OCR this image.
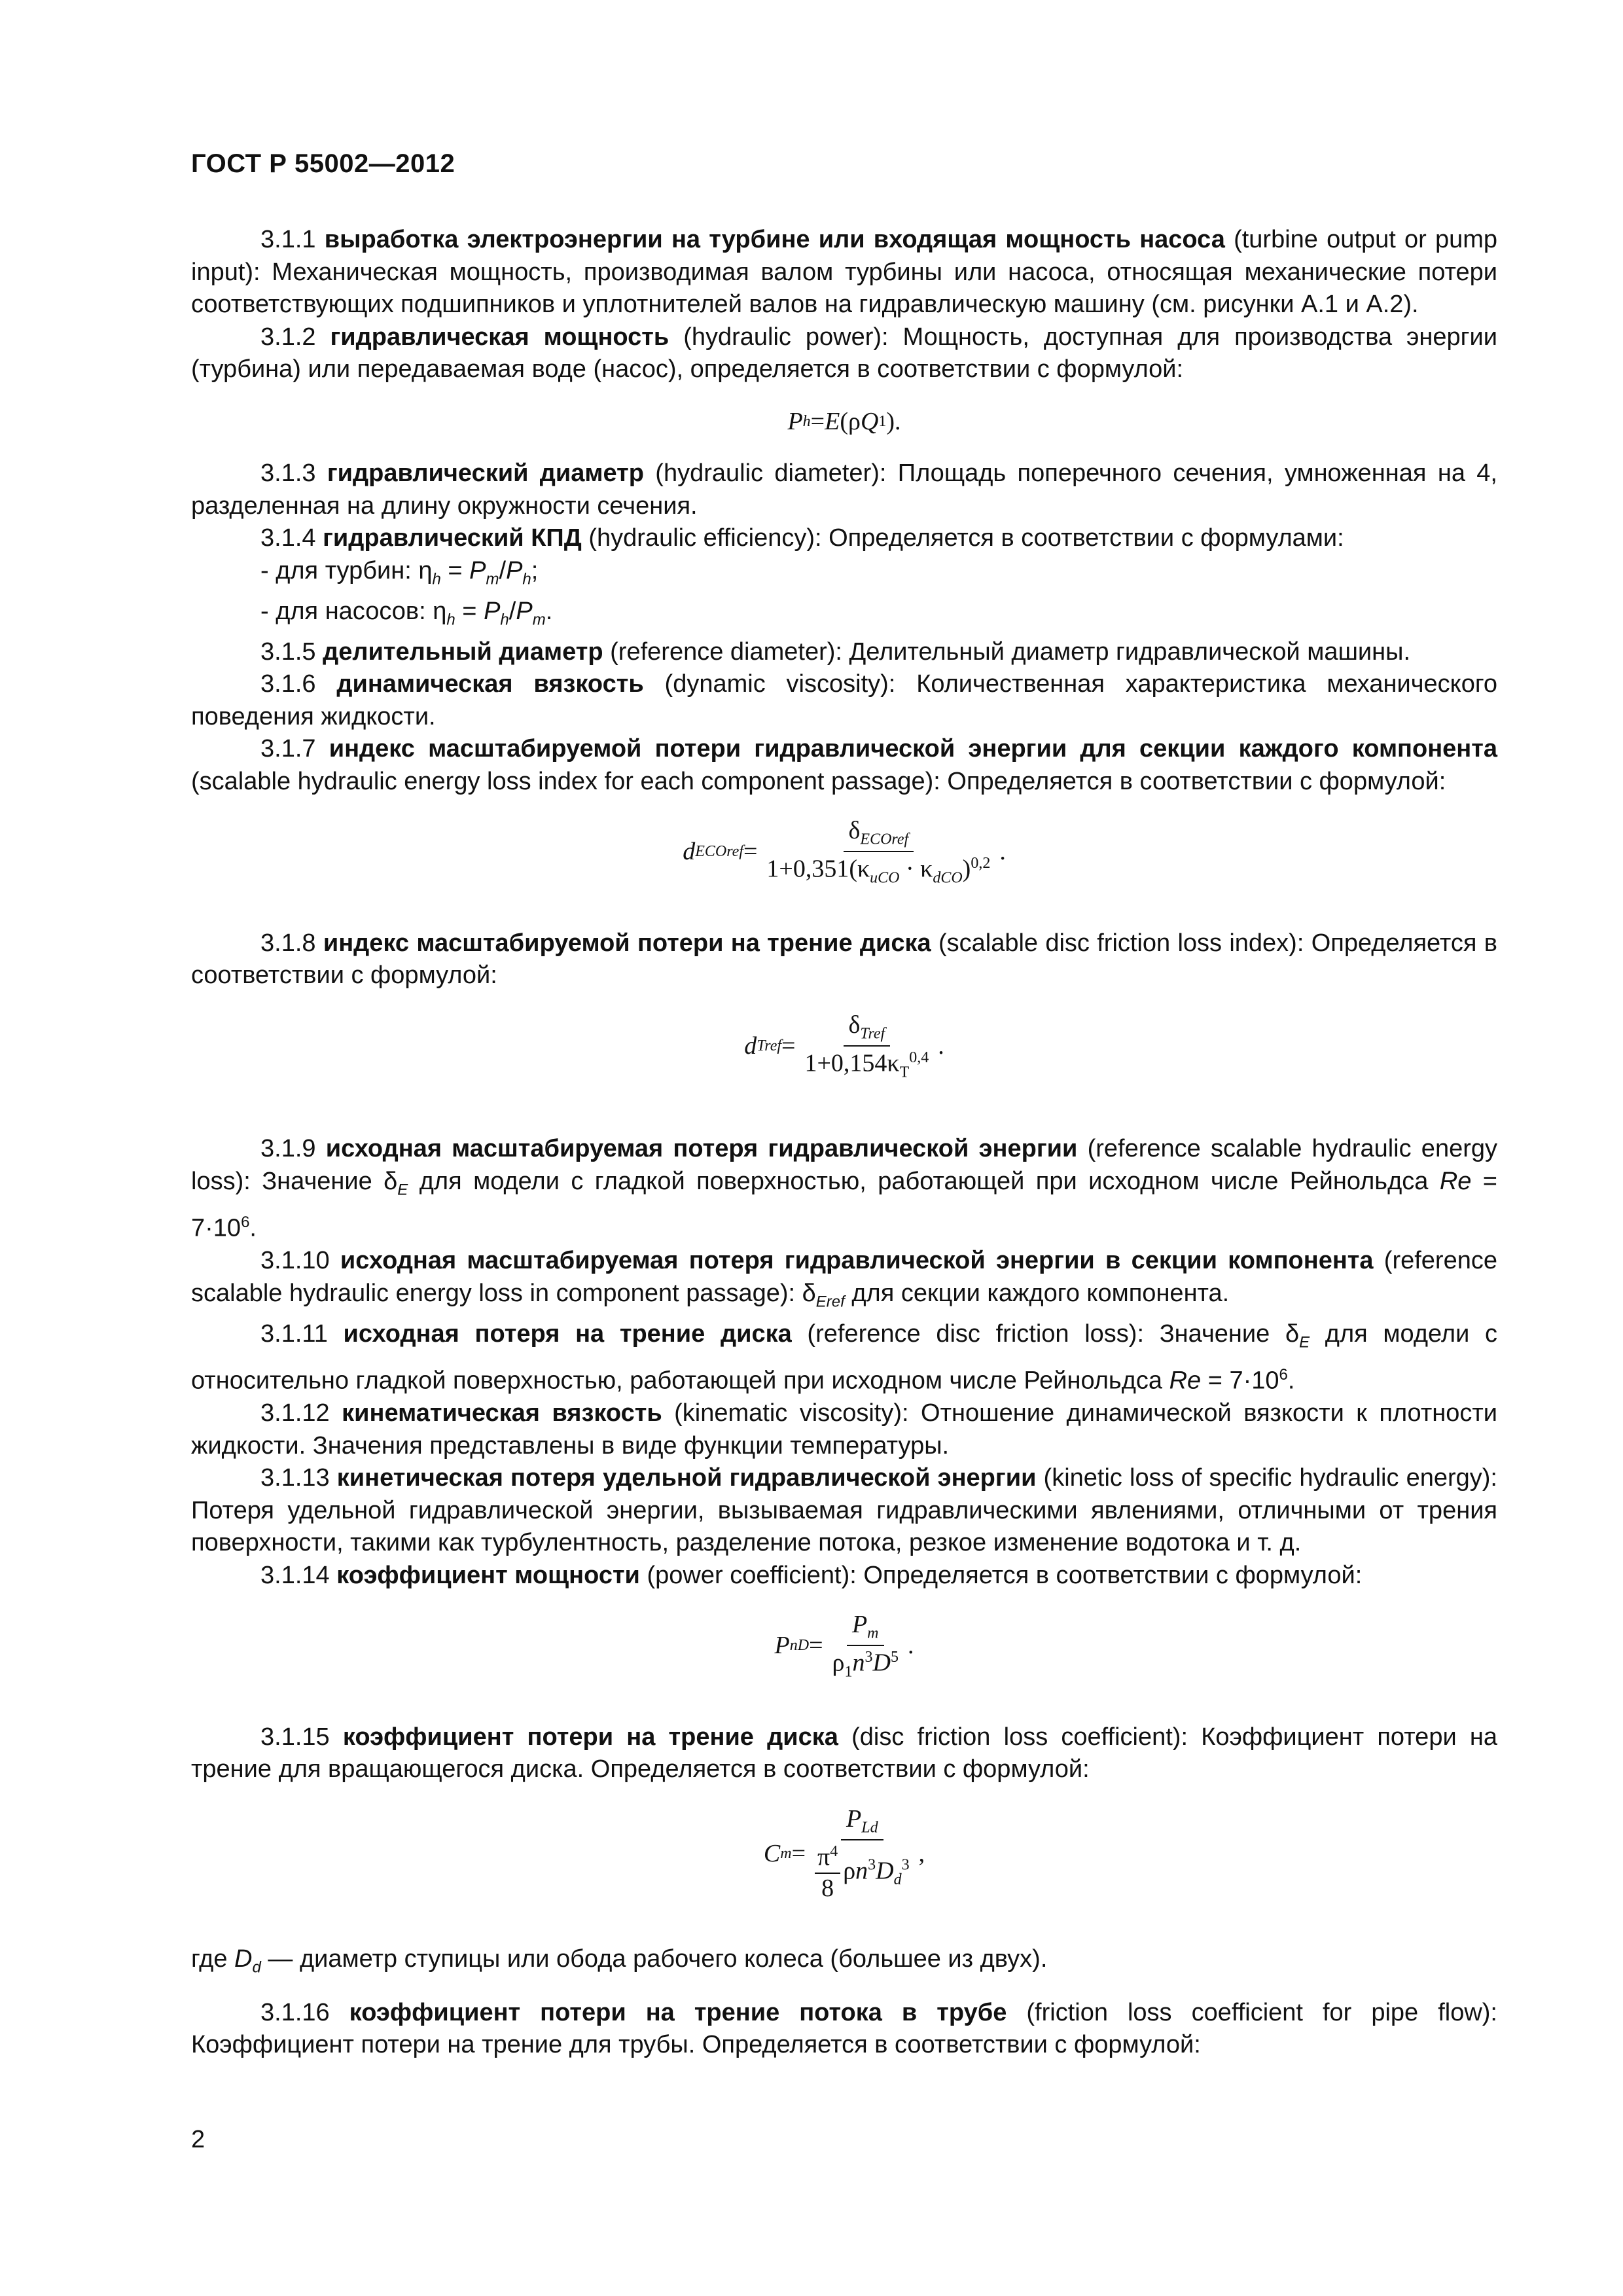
ГОСТ Р 55002—2012

3.1.1 выработка электроэнергии на турбине или входящая мощность насоса (turbine output or pump input): Механическая мощность, производимая валом турбины или насоса, относящая механические потери соответствующих подшипников и уплотнителей валов на гидравлическую машину (см. рисунки А.1 и А.2).

3.1.2 гидравлическая мощность (hydraulic power): Мощность, доступная для производства энергии (турбина) или передаваемая воде (насос), определяется в соответствии с формулой:

P h = E ( ρ Q 1 ) .

3.1.3 гидравлический диаметр (hydraulic diameter): Площадь поперечного сечения, умноженная на 4, разделенная на длину окружности сечения.

3.1.4 гидравлический КПД (hydraulic efficiency): Определяется в соответствии с формулами:

- для турбин: $\eta_h = P_m/P_h$;

- для насосов: $\eta_h = P_h/P_m$.

3.1.5 делительный диаметр (reference diameter): Делительный диаметр гидравлической машины.

3.1.6 динамическая вязкость (dynamic viscosity): Количественная характеристика механического поведения жидкости.

3.1.7 индекс масштабируемой потери гидравлической энергии для секции каждого компонента (scalable hydraulic energy loss index for each component passage): Определяется в соответствии с формулой:

d ECOref = $\frac{\delta_{ECOref}}{1+0,351(\kappa_{uCO} \cdot \kappa_{dCO})^{0,2}}$ .

3.1.8 индекс масштабируемой потери на трение диска (scalable disc friction loss index): Определяется в соответствии с формулой:

d Tref = $\frac{\delta_{Tref}}{1+0,154\kappa_T^{0,4}}$ .

3.1.9 исходная масштабируемая потеря гидравлической энергии (reference scalable hydraulic energy loss): Значение $\delta_E$ для модели с гладкой поверхностью, работающей при исходном числе Рейнольдса $Re = 7\cdot 10^6$.

3.1.10 исходная масштабируемая потеря гидравлической энергии в секции компонента (reference scalable hydraulic energy loss in component passage): $\delta_{Eref}$ для секции каждого компонента.

3.1.11 исходная потеря на трение диска (reference disc friction loss): Значение $\delta_E$ для модели с относительно гладкой поверхностью, работающей при исходном числе Рейнольдса $Re = 7\cdot 10^6$.

3.1.12 кинематическая вязкость (kinematic viscosity): Отношение динамической вязкости к плотности жидкости. Значения представлены в виде функции температуры.

3.1.13 кинетическая потеря удельной гидравлической энергии (kinetic loss of specific hydraulic energy): Потеря удельной гидравлической энергии, вызываемая гидравлическими явлениями, отличными от трения поверхности, такими как турбулентность, разделение потока, резкое изменение водотока и т. д.

3.1.14 коэффициент мощности (power coefficient): Определяется в соответствии с формулой:

P nD = $\frac{P_m}{\rho_1n^3D^5}$ .

3.1.15 коэффициент потери на трение диска (disc friction loss coefficient): Коэффициент потери на трение для вращающегося диска. Определяется в соответствии с формулой:

C $m = \frac{P_{Ld}}{\frac{\pi^4}{8} \rho n^3D_d^3}$ ,

где $D_d$ — диаметр ступицы или обода рабочего колеса (большее из двух).

3.1.16 коэффициент потери на трение потока в трубе (friction loss coefficient for pipe flow): Коэффициент потери на трение для трубы. Определяется в соответствии с формулой:

2
